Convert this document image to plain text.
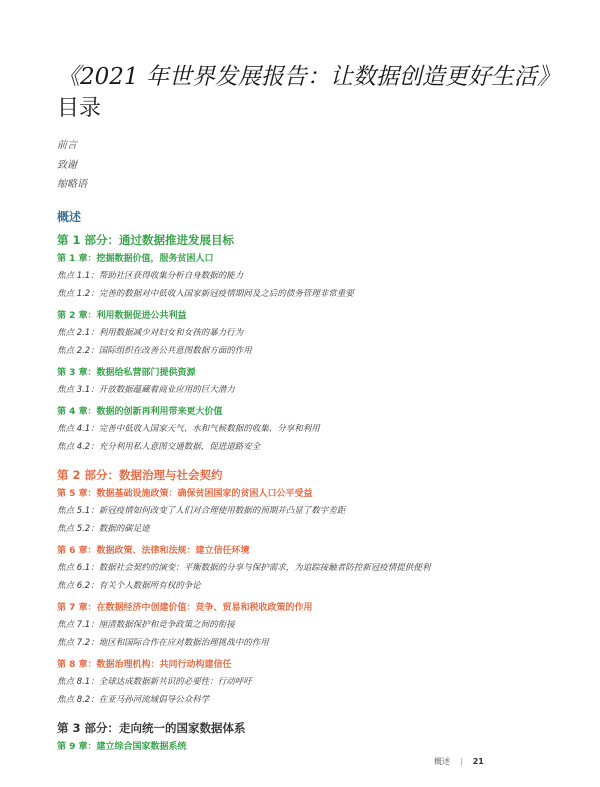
《2021 年世界发展报告：让数据创造更好生活》
目录
前言
致谢
缩略语
概述
第 1 部分：通过数据推进发展目标
第 1 章：挖掘数据价值，服务贫困人口
焦点 1.1：帮助社区获得收集分析自身数据的能力
焦点 1.2：完善的数据对中低收入国家新冠疫情期间及之后的债务管理非常重要
第 2 章：利用数据促进公共利益
焦点 2.1：利用数据减少对妇女和女孩的暴力行为
焦点 2.2：国际组织在改善公共意图数据方面的作用
第 3 章：数据给私营部门提供资源
焦点 3.1：开放数据蕴藏着商业应用的巨大潜力
第 4 章：数据的创新再利用带来更大价值
焦点 4.1：完善中低收入国家天气、水和气候数据的收集、分享和利用
焦点 4.2：充分利用私人意图交通数据，促进道路安全
第 2 部分：数据治理与社会契约
第 5 章：数据基础设施政策：确保贫困国家的贫困人口公平受益
焦点 5.1：新冠疫情如何改变了人们对合理使用数据的预期并凸显了数字差距
焦点 5.2：数据的碳足迹
第 6 章：数据政策、法律和法规：建立信任环境
焦点 6.1：数据社会契约的演变：平衡数据的分享与保护需求，为追踪接触者防控新冠疫情提供便利
焦点 6.2：有关个人数据所有权的争论
第 7 章：在数据经济中创建价值：竞争、贸易和税收政策的作用
焦点 7.1：厘清数据保护和竞争政策之间的衔接
焦点 7.2：地区和国际合作在应对数据治理挑战中的作用
第 8 章：数据治理机构：共同行动构建信任
焦点 8.1：全球达成数据新共识的必要性：行动呼吁
焦点 8.2：在亚马孙河流域倡导公众科学
第 3 部分：走向统一的国家数据体系
第 9 章：建立综合国家数据系统
概述 | 21
